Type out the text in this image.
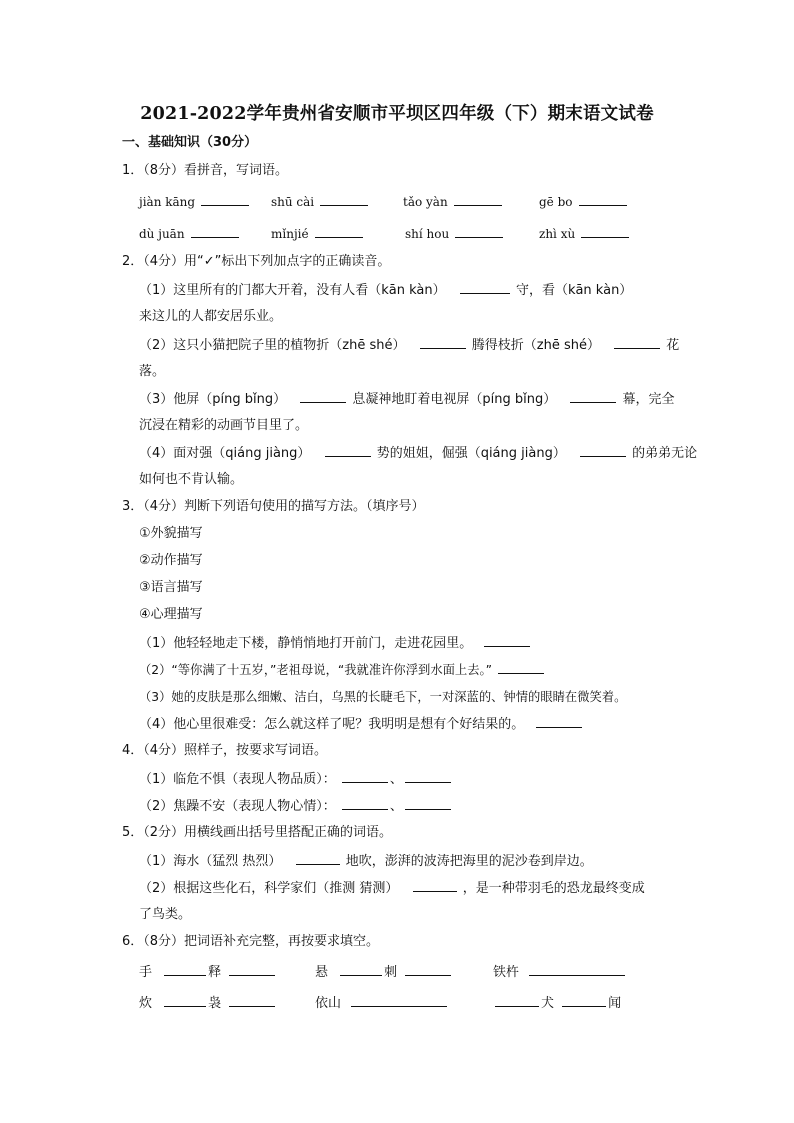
2021-2022学年贵州省安顺市平坝区四年级（下）期末语文试卷
一、基础知识（30分）
1．（8分）看拼音，写词语。
jiàn kāng	shū cài	tǎo yàn	gē bo
dù juān	mǐnjié	shí hou	zhì xù
2．（4分）用“✓”标出下列加点字的正确读音。
（1）这里所有的门都大开着，没有人看（kān kàn）	守，看（kān kàn）
来这儿的人都安居乐业。
（2）这只小猫把院子里的植物折（zhē shé）	腾得枝折（zhē shé）	花
落。
（3）他屏（píng bǐng）	息凝神地盯着电视屏（píng bǐng）	幕，完全
沉浸在精彩的动画节目里了。
（4）面对强（qiáng jiàng）	势的姐姐，倔强（qiáng jiàng）	的弟弟无论
如何也不肯认输。
3．（4分）判断下列语句使用的描写方法。（填序号）
①外貌描写
②动作描写
③语言描写
④心理描写
（1）他轻轻地走下楼，静悄悄地打开前门，走进花园里。
（2）“等你满了十五岁，”老祖母说，“我就准许你浮到水面上去。”
（3）她的皮肤是那么细嫩、洁白，乌黑的长睫毛下，一对深蓝的、钟情的眼睛在微笑着。
（4）他心里很难受：怎么就这样了呢？我明明是想有个好结果的。
4．（4分）照样子，按要求写词语。
（1）临危不惧（表现人物品质）：	、
（2）焦躁不安（表现人物心情）：	、
5．（2分）用横线画出括号里搭配正确的词语。
（1）海水（猛烈 热烈）	地吹，澎湃的波涛把海里的泥沙卷到岸边。
（2）根据这些化石，科学家们（推测 猜测）	，是一种带羽毛的恐龙最终变成
了鸟类。
6．（8分）把词语补充完整，再按要求填空。
手	释	悬	刺	铁杵
炊	袅	依山	犬	闻
